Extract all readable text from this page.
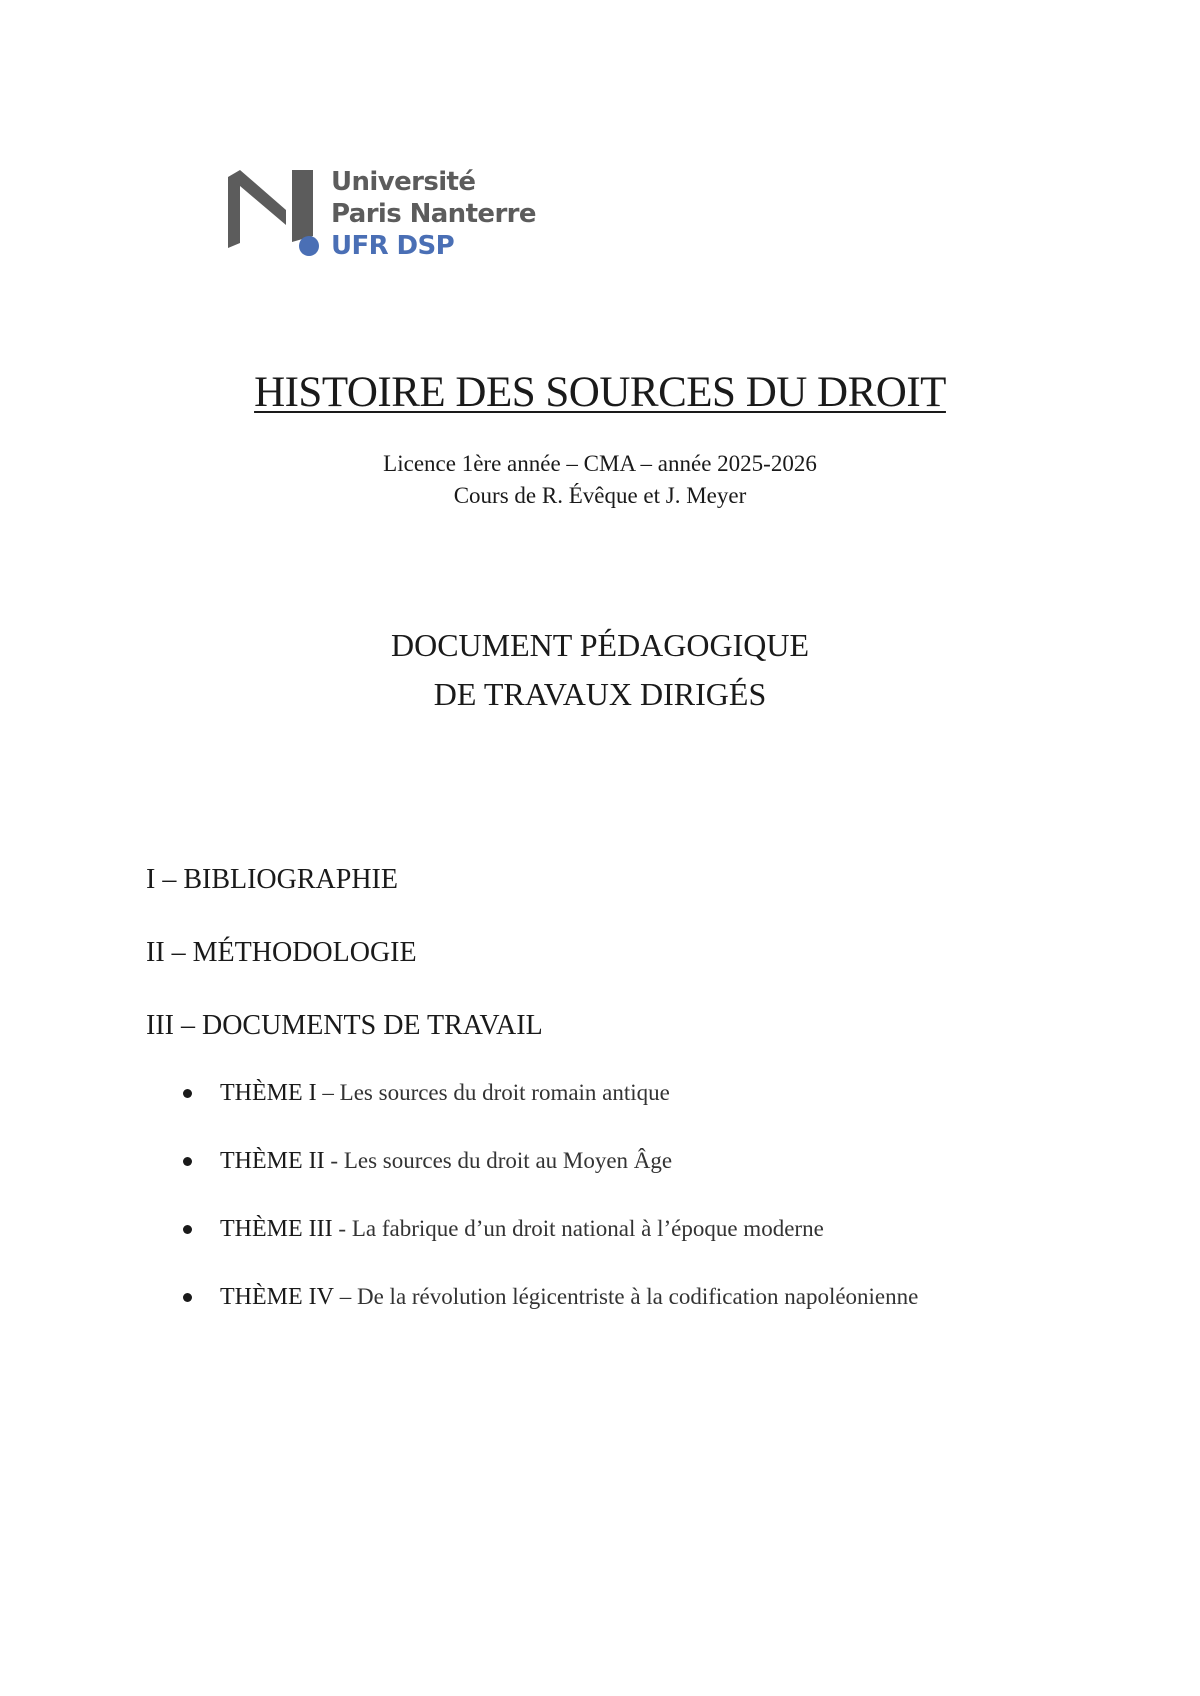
Université
Paris Nanterre
UFR DSP
HISTOIRE DES SOURCES DU DROIT
Licence 1ère année – CMA – année 2025-2026
Cours de R. Évêque et J. Meyer
DOCUMENT PÉDAGOGIQUE
DE TRAVAUX DIRIGÉS
I – BIBLIOGRAPHIE
II – MÉTHODOLOGIE
III – DOCUMENTS DE TRAVAIL
THÈME I – Les sources du droit romain antique
THÈME II - Les sources du droit au Moyen Âge
THÈME III - La fabrique d’un droit national à l’époque moderne
THÈME IV – De la révolution légicentriste à la codification napoléonienne
